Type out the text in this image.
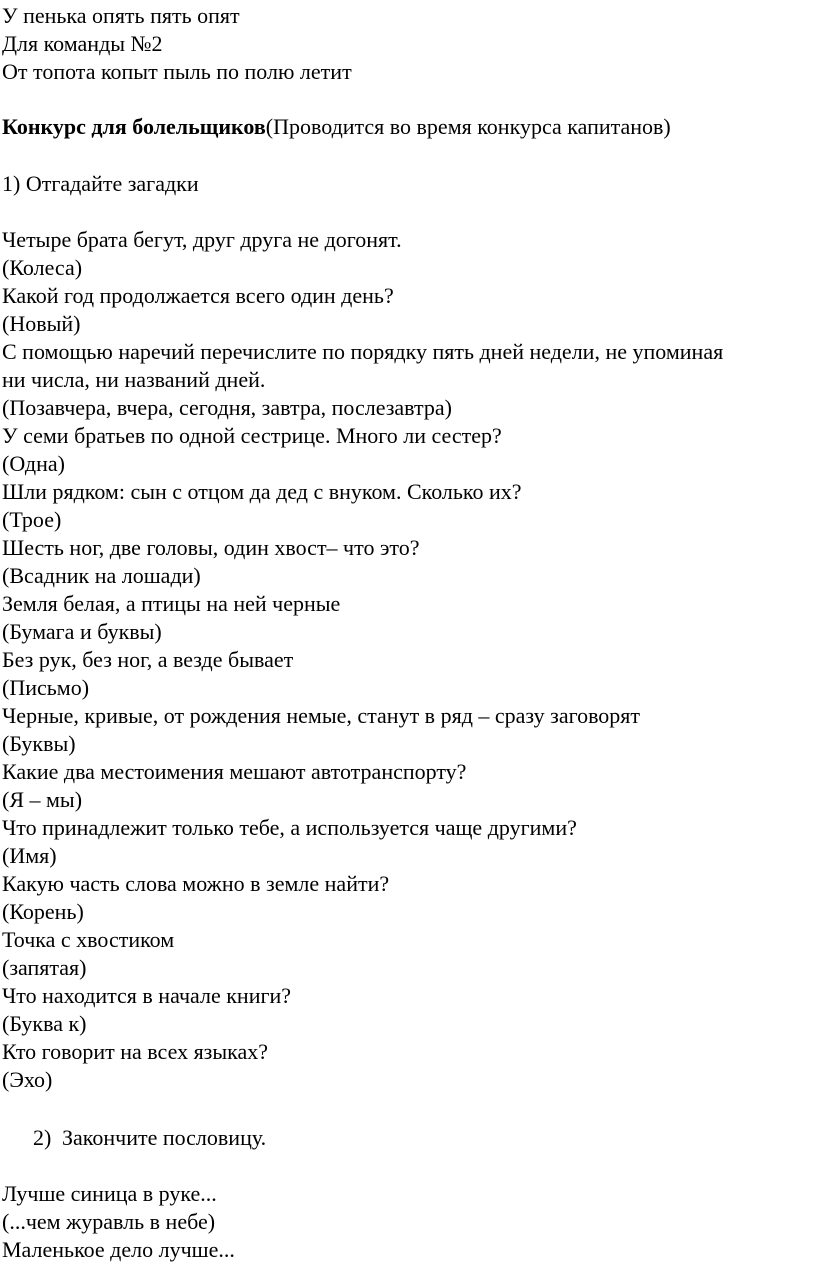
У пенька опять пять опят
Для команды №2
От топота копыт пыль по полю летит
Конкурс для болельщиков(Проводится во время конкурса капитанов)
1) Отгадайте загадки
Четыре брата бегут, друг друга не догонят.
(Колеса)
Какой год продолжается всего один день?
(Новый)
С помощью наречий перечислите по порядку пять дней недели, не упоминая
ни числа, ни названий дней.
(Позавчера, вчера, сегодня, завтра, послезавтра)
У семи братьев по одной сестрице. Много ли сестер?
(Одна)
Шли рядком: сын с отцом да дед с внуком. Сколько их?
(Трое)
Шесть ног, две головы, один хвост– что это?
(Всадник на лошади)
Земля белая, а птицы на ней черные
(Бумага и буквы)
Без рук, без ног, а везде бывает
(Письмо)
Черные, кривые, от рождения немые, станут в ряд – сразу заговорят
(Буквы)
Какие два местоимения мешают автотранспорту?
(Я – мы)
Что принадлежит только тебе, а используется чаще другими?
(Имя)
Какую часть слова можно в земле найти?
(Корень)
Точка с хвостиком
(запятая)
Что находится в начале книги?
(Буква к)
Кто говорит на всех языках?
(Эхо)
2) Закончите пословицу.
Лучше синица в руке...
(...чем журавль в небе)
Маленькое дело лучше...
